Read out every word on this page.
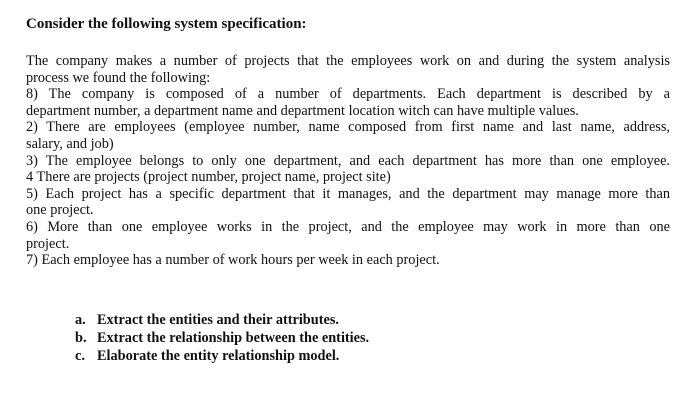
Consider the following system specification:
The company makes a number of projects that the employees work on and during the system analysis
process we found the following:
8) The company is composed of a number of departments. Each department is described by a
department number, a department name and department location witch can have multiple values.
2) There are employees (employee number, name composed from first name and last name, address,
salary, and job)
3) The employee belongs to only one department, and each department has more than one employee.
4 There are projects (project number, project name, project site)
5) Each project has a specific department that it manages, and the department may manage more than
one project.
6) More than one employee works in the project, and the employee may work in more than one
project.
7) Each employee has a number of work hours per week in each project.
a. Extract the entities and their attributes.
b. Extract the relationship between the entities.
c. Elaborate the entity relationship model.
